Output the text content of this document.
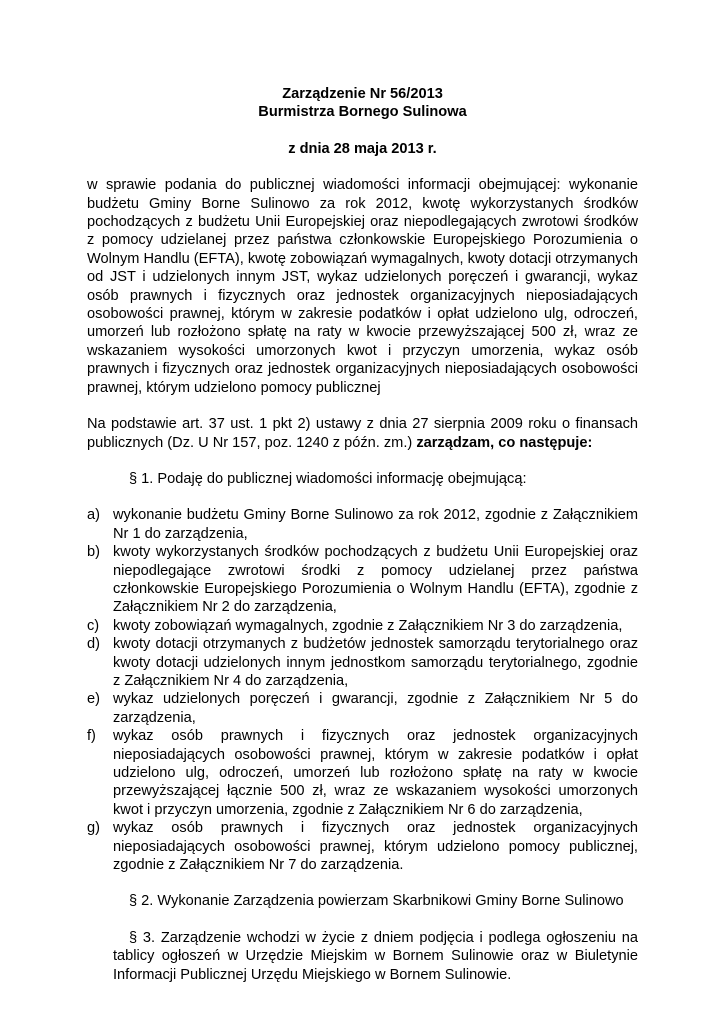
Zarządzenie Nr 56/2013

Burmistrza Bornego Sulinowa

z dnia 28 maja 2013 r.

w sprawie podania do publicznej wiadomości informacji obejmującej: wykonanie budżetu Gminy Borne Sulinowo za rok 2012, kwotę wykorzystanych środków pochodzących z budżetu Unii Europejskiej oraz niepodlegających zwrotowi środków z pomocy udzielanej przez państwa członkowskie Europejskiego Porozumienia o Wolnym Handlu (EFTA), kwotę zobowiązań wymagalnych, kwoty dotacji otrzymanych od JST i udzielonych innym JST, wykaz udzielonych poręczeń i gwarancji, wykaz osób prawnych i fizycznych oraz jednostek organizacyjnych nieposiadających osobowości prawnej, którym w zakresie podatków i opłat udzielono ulg, odroczeń, umorzeń lub rozłożono spłatę na raty w kwocie przewyższającej 500 zł, wraz ze wskazaniem wysokości umorzonych kwot i przyczyn umorzenia, wykaz osób prawnych i fizycznych oraz jednostek organizacyjnych nieposiadających osobowości prawnej, którym udzielono pomocy publicznej

Na podstawie art. 37 ust. 1 pkt 2) ustawy z dnia 27 sierpnia 2009 roku o finansach publicznych (Dz. U Nr 157, poz. 1240 z późn. zm.) zarządzam, co następuje:

§ 1. Podaję do publicznej wiadomości informację obejmującą:

a) wykonanie budżetu Gminy Borne Sulinowo za rok 2012, zgodnie z Załącznikiem Nr 1 do zarządzenia,
b) kwoty wykorzystanych środków pochodzących z budżetu Unii Europejskiej oraz niepodlegające zwrotowi środki z pomocy udzielanej przez państwa członkowskie Europejskiego Porozumienia o Wolnym Handlu (EFTA), zgodnie z Załącznikiem Nr 2 do zarządzenia,
c) kwoty zobowiązań wymagalnych, zgodnie z Załącznikiem Nr 3 do zarządzenia,
d) kwoty dotacji otrzymanych z budżetów jednostek samorządu terytorialnego oraz kwoty dotacji udzielonych innym jednostkom samorządu terytorialnego, zgodnie z Załącznikiem Nr 4 do zarządzenia,
e) wykaz udzielonych poręczeń i gwarancji, zgodnie z Załącznikiem Nr 5 do zarządzenia,
f) wykaz osób prawnych i fizycznych oraz jednostek organizacyjnych nieposiadających osobowości prawnej, którym w zakresie podatków i opłat udzielono ulg, odroczeń, umorzeń lub rozłożono spłatę na raty w kwocie przewyższającej łącznie 500 zł, wraz ze wskazaniem wysokości umorzonych kwot i przyczyn umorzenia, zgodnie z Załącznikiem Nr 6 do zarządzenia,
g) wykaz osób prawnych i fizycznych oraz jednostek organizacyjnych nieposiadających osobowości prawnej, którym udzielono pomocy publicznej, zgodnie z Załącznikiem Nr 7 do zarządzenia.

§ 2. Wykonanie Zarządzenia powierzam Skarbnikowi Gminy Borne Sulinowo

§ 3. Zarządzenie wchodzi w życie z dniem podjęcia i podlega ogłoszeniu na tablicy ogłoszeń w Urzędzie Miejskim w Bornem Sulinowie oraz w Biuletynie Informacji Publicznej Urzędu Miejskiego w Bornem Sulinowie.
